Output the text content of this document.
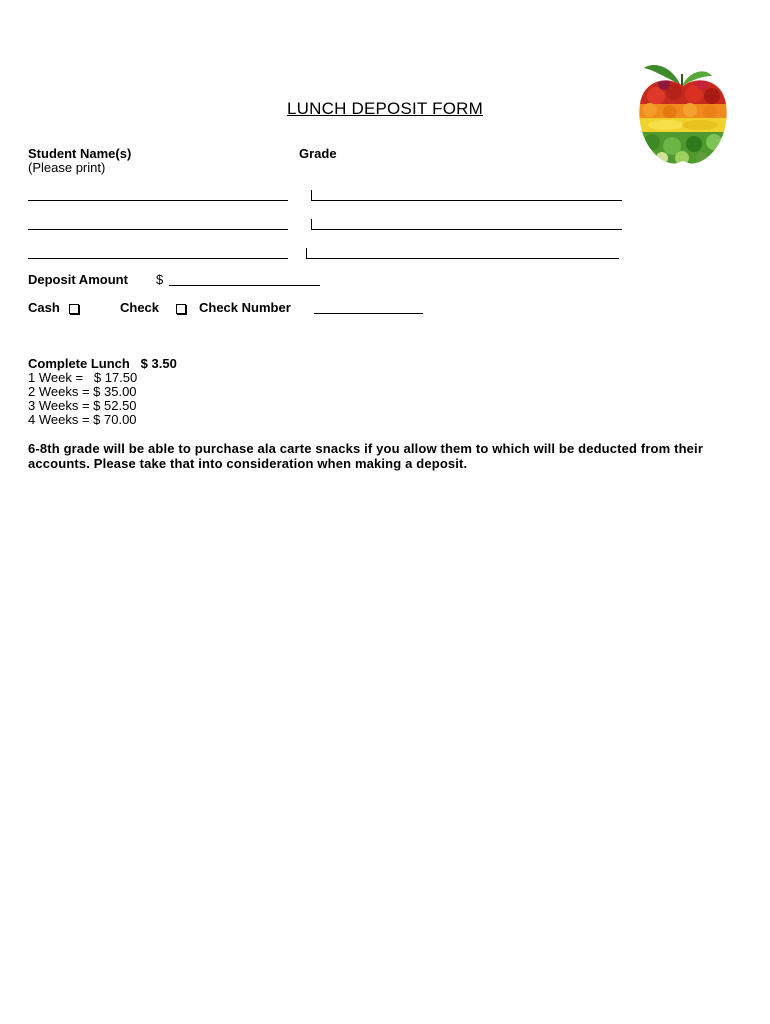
LUNCH DEPOSIT FORM
Student Name(s)
(Please print)
Grade
Deposit Amount $
Cash	Check	Check Number
Complete Lunch   $ 3.50
1 Week =   $ 17.50
2 Weeks = $ 35.00
3 Weeks = $ 52.50
4 Weeks = $ 70.00
6-8th grade will be able to purchase ala carte snacks if you allow them to which will be deducted from their accounts. Please take that into consideration when making a deposit.
